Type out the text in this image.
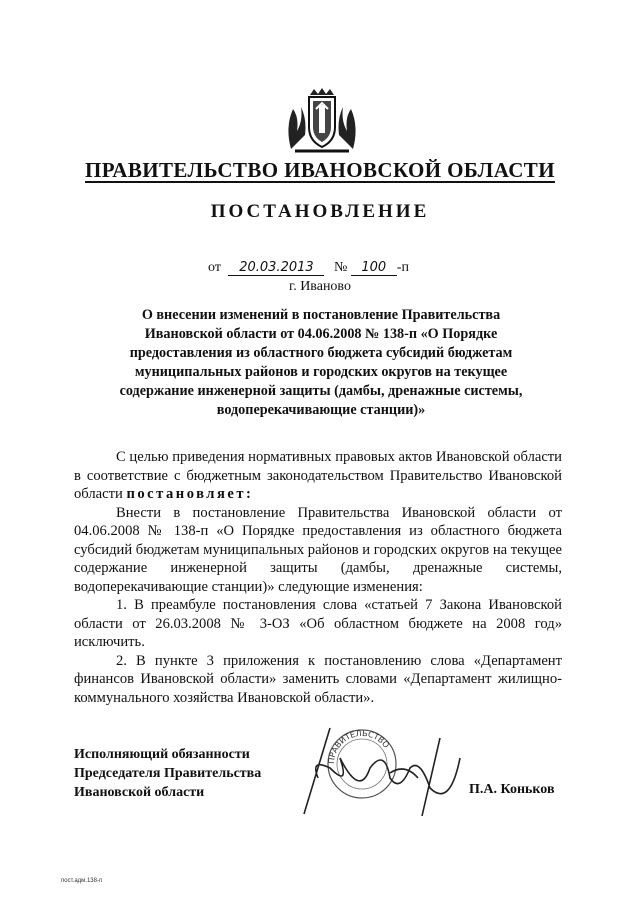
ПРАВИТЕЛЬСТВО ИВАНОВСКОЙ ОБЛАСТИ
ПОСТАНОВЛЕНИЕ
от 20.03.2013 № 100 -п
г. Иваново
О внесении изменений в постановление Правительства Ивановской области от 04.06.2008 № 138-п «О Порядке предоставления из областного бюджета субсидий бюджетам муниципальных районов и городских округов на текущее содержание инженерной защиты (дамбы, дренажные системы, водоперекачивающие станции)»

С целью приведения нормативных правовых актов Ивановской области в соответствие с бюджетным законодательством Правительство Ивановской области постановляет:

Внести в постановление Правительства Ивановской области от 04.06.2008 № 138-п «О Порядке предоставления из областного бюджета субсидий бюджетам муниципальных районов и городских округов на текущее содержание инженерной защиты (дамбы, дренажные системы, водоперекачивающие станции)» следующие изменения:

1. В преамбуле постановления слова «статьей 7 Закона Ивановской области от 26.03.2008 № 3-ОЗ «Об областном бюджете на 2008 год» исключить.

2. В пункте 3 приложения к постановлению слова «Департамент финансов Ивановской области» заменить словами «Департамент жилищно-коммунального хозяйства Ивановской области».

Исполняющий обязанности
Председателя Правительства
Ивановской области
ПРАВИТЕЛЬСТВО
П.А. Коньков
пост.адм.138-п
